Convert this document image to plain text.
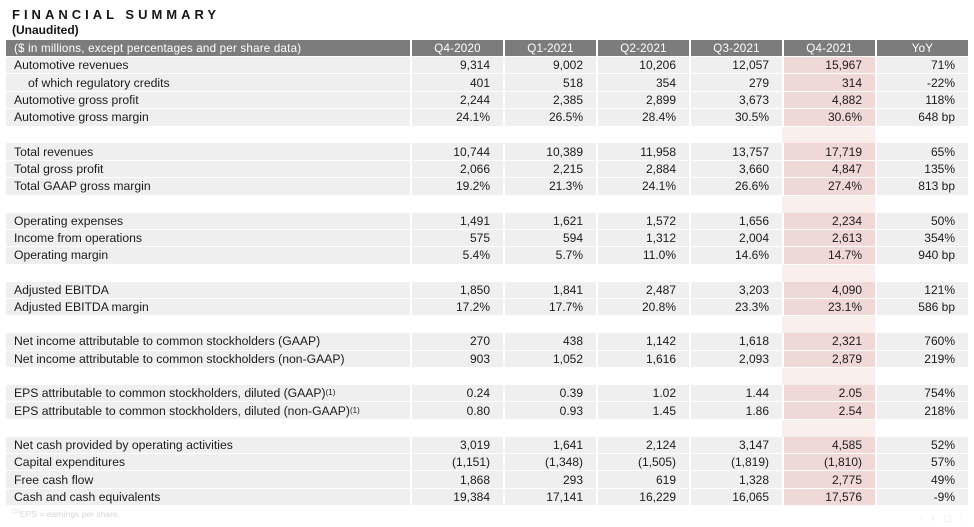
FINANCIAL SUMMARY
(Unaudited)
($ in millions, except percentages and per share data)	Q4-2020	Q1-2021	Q2-2021	Q3-2021	Q4-2021	YoY
Automotive revenues	9,314	9,002	10,206	12,057	15,967	71%
of which regulatory credits	401	518	354	279	314	-22%
Automotive gross profit	2,244	2,385	2,899	3,673	4,882	118%
Automotive gross margin	24.1%	26.5%	28.4%	30.5%	30.6%	648 bp
Total revenues	10,744	10,389	11,958	13,757	17,719	65%
Total gross profit	2,066	2,215	2,884	3,660	4,847	135%
Total GAAP gross margin	19.2%	21.3%	24.1%	26.6%	27.4%	813 bp
Operating expenses	1,491	1,621	1,572	1,656	2,234	50%
Income from operations	575	594	1,312	2,004	2,613	354%
Operating margin	5.4%	5.7%	11.0%	14.6%	14.7%	940 bp
Adjusted EBITDA	1,850	1,841	2,487	3,203	4,090	121%
Adjusted EBITDA margin	17.2%	17.7%	20.8%	23.3%	23.1%	586 bp
Net income attributable to common stockholders (GAAP)	270	438	1,142	1,618	2,321	760%
Net income attributable to common stockholders (non-GAAP)	903	1,052	1,616	2,093	2,879	219%
EPS attributable to common stockholders, diluted (GAAP) (1)	0.24	0.39	1.02	1.44	2.05	754%
EPS attributable to common stockholders, diluted (non-GAAP) (1)	0.80	0.93	1.45	1.86	2.54	218%
Net cash provided by operating activities	3,019	1,641	2,124	3,147	4,585	52%
Capital expenditures	(1,151)	(1,348)	(1,505)	(1,819)	(1,810)	57%
Free cash flow	1,868	293	619	1,328	2,775	49%
Cash and cash equivalents	19,384	17,141	16,229	16,065	17,576	-9%
$^{(1)}$EPS = earnings per share.	‹ › ▢ ⁝
